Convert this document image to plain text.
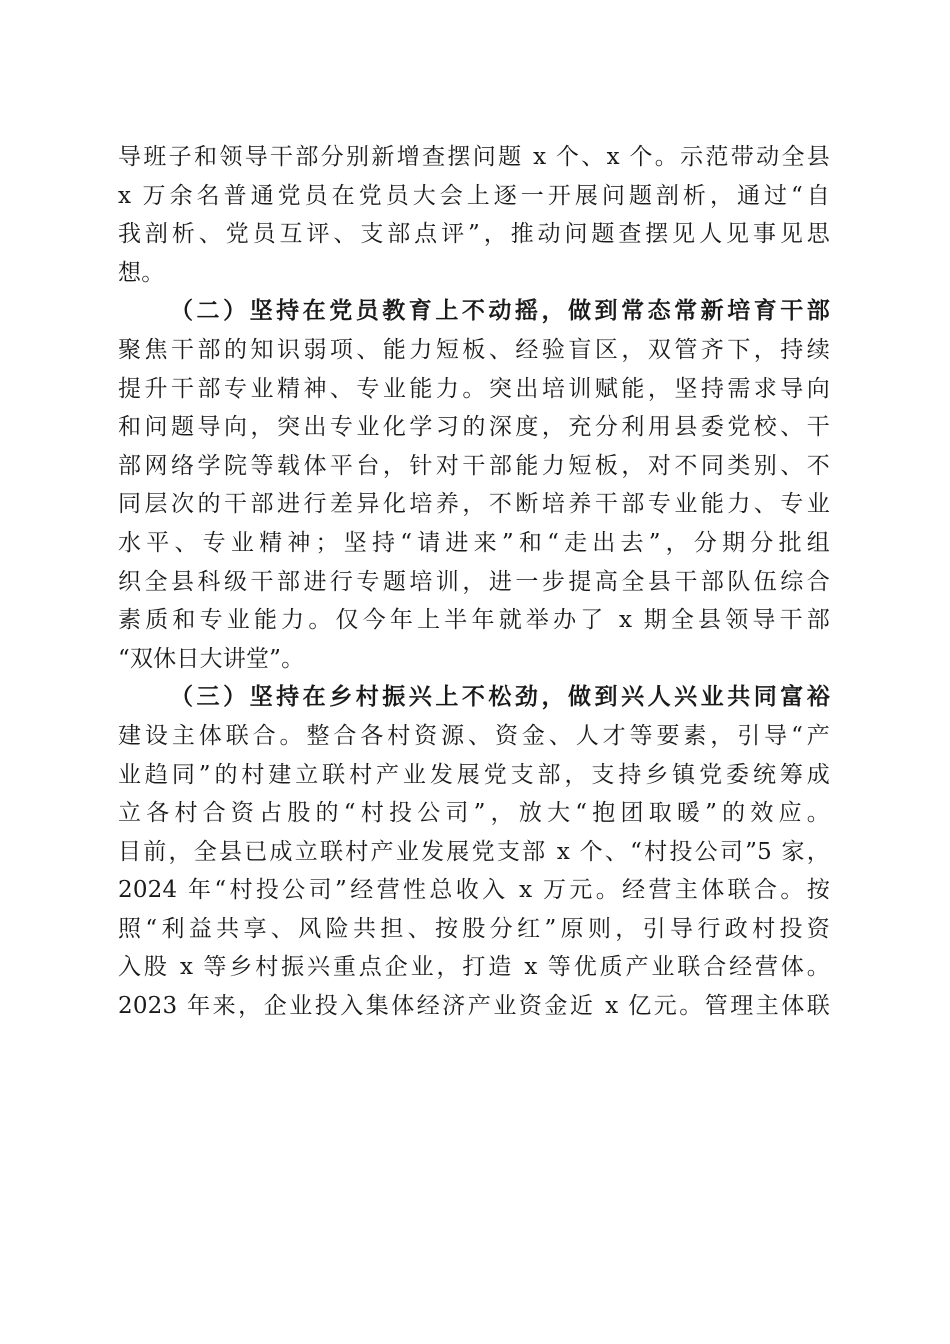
导班子和领导干部分别新增查摆问题 x 个、x 个。示范带动全县
x 万余名普通党员在党员大会上逐一开展问题剖析，通过“自
我剖析、党员互评、支部点评”，推动问题查摆见人见事见思
想。
（二）坚持在党员教育上不动摇，做到常态常新培育干部
聚焦干部的知识弱项、能力短板、经验盲区，双管齐下，持续
提升干部专业精神、专业能力。突出培训赋能，坚持需求导向
和问题导向，突出专业化学习的深度，充分利用县委党校、干
部网络学院等载体平台，针对干部能力短板，对不同类别、不
同层次的干部进行差异化培养，不断培养干部专业能力、专业
水平、专业精神；坚持“请进来”和“走出去”，分期分批组
织全县科级干部进行专题培训，进一步提高全县干部队伍综合
素质和专业能力。仅今年上半年就举办了 x 期全县领导干部
“双休日大讲堂”。
（三）坚持在乡村振兴上不松劲，做到兴人兴业共同富裕
建设主体联合。整合各村资源、资金、人才等要素，引导“产
业趋同”的村建立联村产业发展党支部，支持乡镇党委统筹成
立各村合资占股的“村投公司”，放大“抱团取暖”的效应。
目前，全县已成立联村产业发展党支部 x 个、“村投公司”5 家，
2024 年“村投公司”经营性总收入 x 万元。经营主体联合。按
照“利益共享、风险共担、按股分红”原则，引导行政村投资
入股 x 等乡村振兴重点企业，打造 x 等优质产业联合经营体。
2023 年来，企业投入集体经济产业资金近 x 亿元。管理主体联
